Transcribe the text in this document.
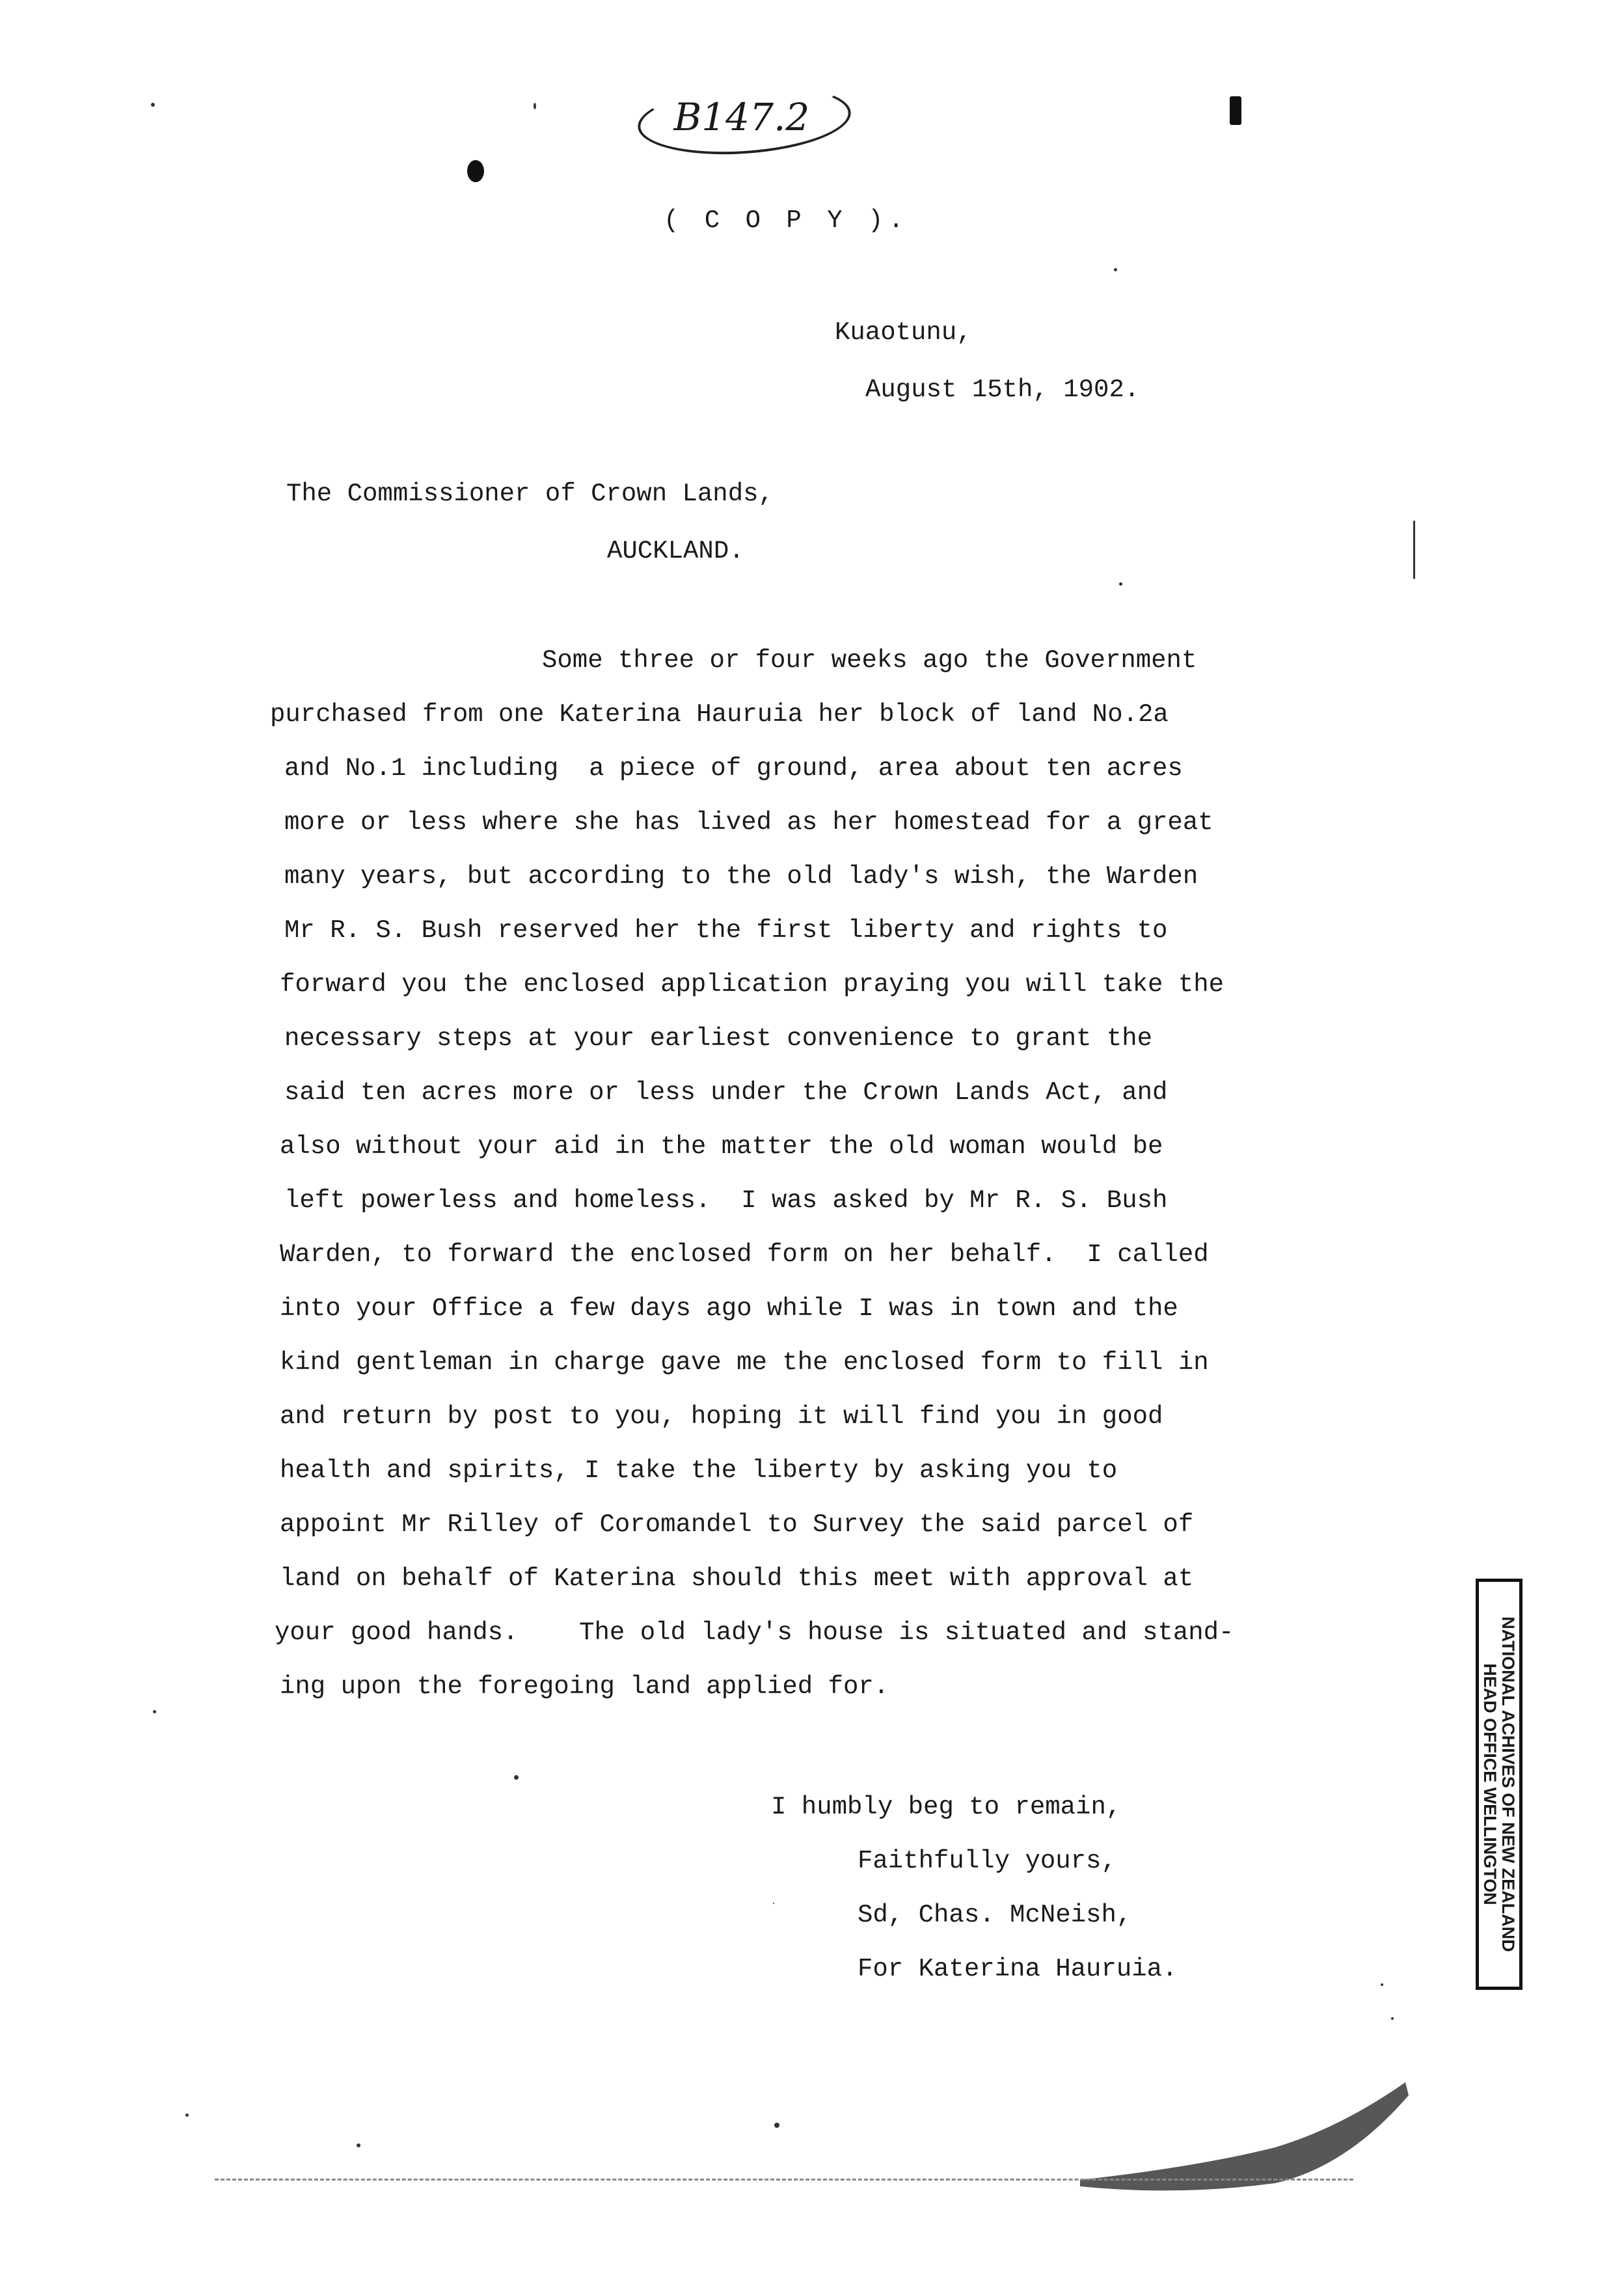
B147.2
( C O P Y ).
Kuaotunu,
August 15th, 1902.
The Commissioner of Crown Lands,
AUCKLAND.
Some three or four weeks ago the Government
purchased from one Katerina Hauruia her block of land No.2a
and No.1 including  a piece of ground, area about ten acres
more or less where she has lived as her homestead for a great
many years, but according to the old lady's wish, the Warden
Mr R. S. Bush reserved her the first liberty and rights to
forward you the enclosed application praying you will take the
necessary steps at your earliest convenience to grant the
said ten acres more or less under the Crown Lands Act, and
also without your aid in the matter the old woman would be
left powerless and homeless.  I was asked by Mr R. S. Bush
Warden, to forward the enclosed form on her behalf.  I called
into your Office a few days ago while I was in town and the
kind gentleman in charge gave me the enclosed form to fill in
and return by post to you, hoping it will find you in good
health and spirits, I take the liberty by asking you to
appoint Mr Rilley of Coromandel to Survey the said parcel of
land on behalf of Katerina should this meet with approval at
your good hands.    The old lady's house is situated and stand-
ing upon the foregoing land applied for.
I humbly beg to remain,
Faithfully yours,
Sd, Chas. McNeish,
For Katerina Hauruia.
NATIONAL ACHIVES OF NEW ZEALAND
HEAD OFFICE WELLINGTON
